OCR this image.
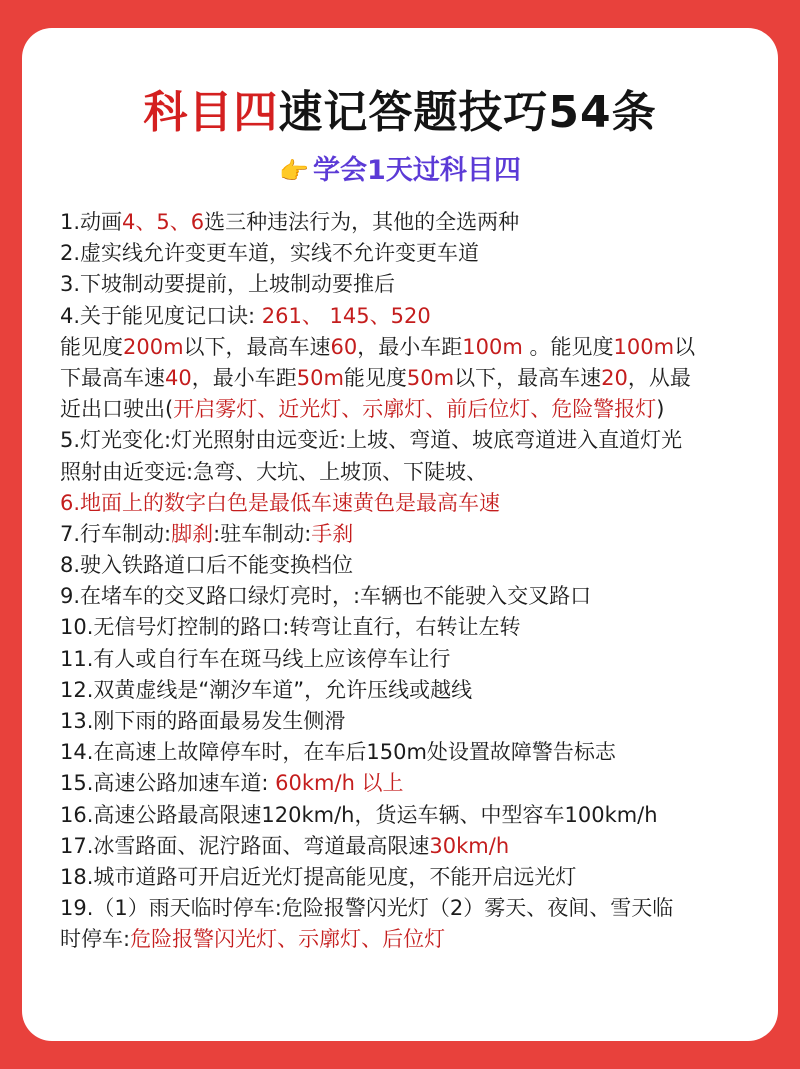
科目四速记答题技巧54条
👉 学会1天过科目四
1.动画4、5、6选三种违法行为，其他的全选两种
2.虚实线允许变更车道，实线不允许变更车道
3.下坡制动要提前，上坡制动要推后
4.关于能见度记口诀: 261、 145、520
能见度200m以下，最高车速60，最小车距100m 。能见度100m以
下最高车速40，最小车距50m能见度50m以下，最高车速20，从最
近出口驶出(开启雾灯、近光灯、示廓灯、前后位灯、危险警报灯)
5.灯光变化:灯光照射由远变近:上坡、弯道、坡底弯道进入直道灯光
照射由近变远:急弯、大坑、上坡顶、下陡坡、
6.地面上的数字白色是最低车速黄色是最高车速
7.行车制动:脚刹:驻车制动:手刹
8.驶入铁路道口后不能变换档位
9.在堵车的交叉路口绿灯亮时，:车辆也不能驶入交叉路口
10.无信号灯控制的路口:转弯让直行，右转让左转
11.有人或自行车在斑马线上应该停车让行
12.双黄虚线是“潮汐车道”，允许压线或越线
13.刚下雨的路面最易发生侧滑
14.在高速上故障停车时，在车后150m处设置故障警告标志
15.高速公路加速车道: 60km/h 以上
16.高速公路最高限速120km/h，货运车辆、中型容车100km/h
17.冰雪路面、泥泞路面、弯道最高限速30km/h
18.城市道路可开启近光灯提高能见度，不能开启远光灯
19.（1）雨天临时停车:危险报警闪光灯（2）雾天、夜间、雪天临
时停车:危险报警闪光灯、示廓灯、后位灯
